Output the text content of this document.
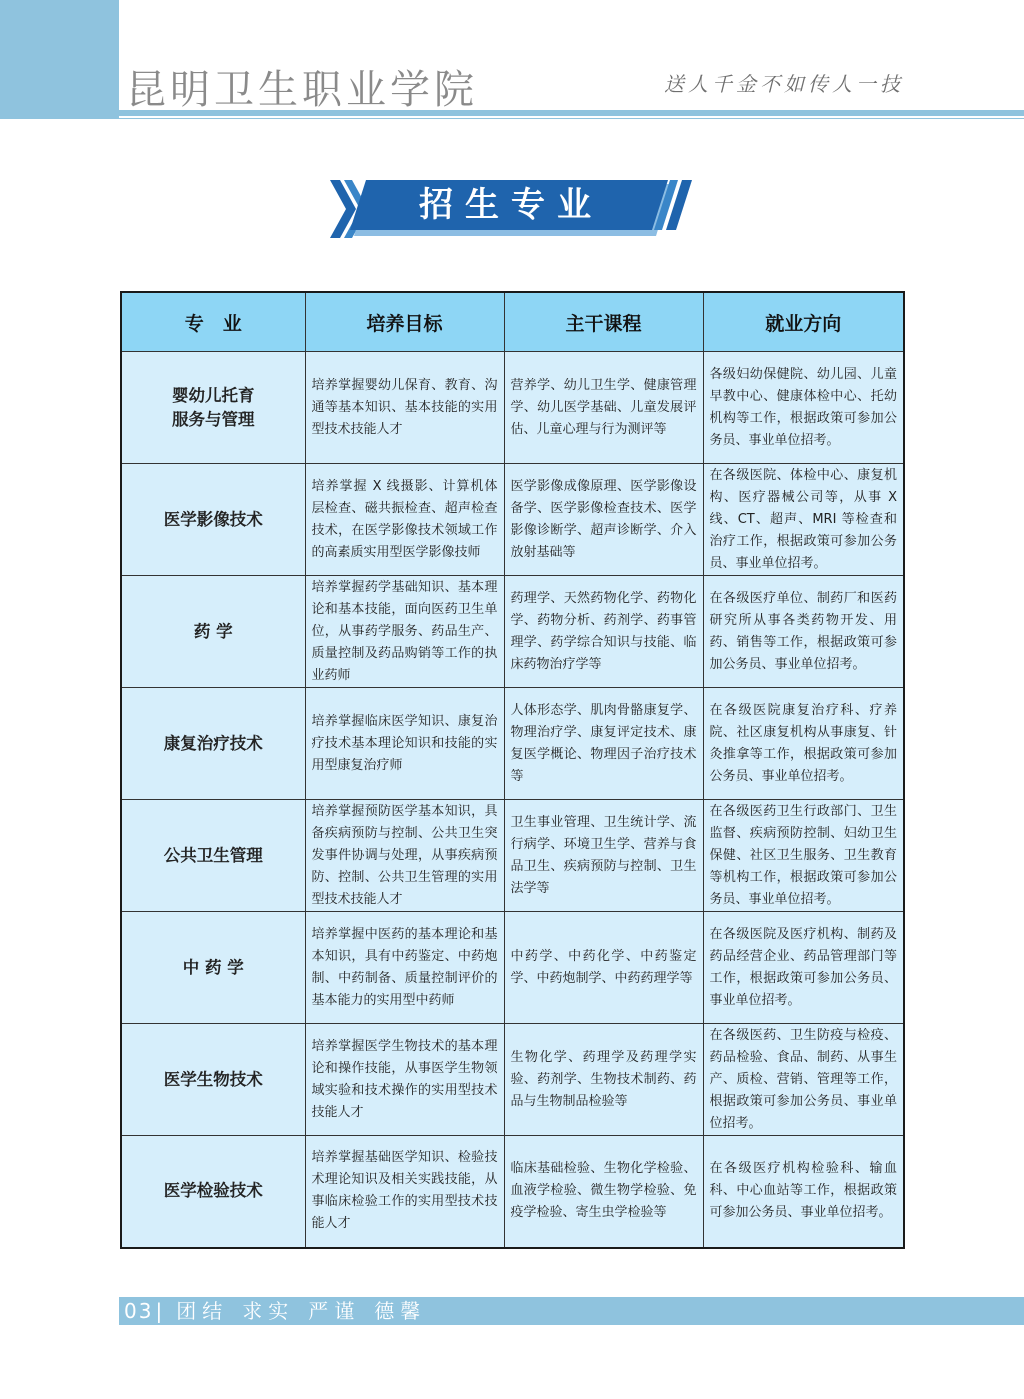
昆明卫生职业学院	送人千金不如传人一技
招生专业
专　业	培养目标	主干课程	就业方向
婴幼儿托育
服务与管理	培养掌握婴幼儿保育、教育、沟通等基本知识、基本技能的实用型技术技能人才	营养学、幼儿卫生学、健康管理学、幼儿医学基础、儿童发展评估、儿童心理与行为测评等	各级妇幼保健院、幼儿园、儿童早教中心、健康体检中心、托幼机构等工作，根据政策可参加公务员、事业单位招考。
医学影像技术	培养掌握 X 线摄影、计算机体层检查、磁共振检查、超声检查技术，在医学影像技术领域工作的高素质实用型医学影像技师	医学影像成像原理、医学影像设备学、医学影像检查技术、医学影像诊断学、超声诊断学、介入放射基础等	在各级医院、体检中心、康复机构、医疗器械公司等，从事 X 线、CT、超声、MRI 等检查和治疗工作，根据政策可参加公务员、事业单位招考。
药 学	培养掌握药学基础知识、基本理论和基本技能，面向医药卫生单位，从事药学服务、药品生产、质量控制及药品购销等工作的执业药师	药理学、天然药物化学、药物化学、药物分析、药剂学、药事管理学、药学综合知识与技能、临床药物治疗学等	在各级医疗单位、制药厂和医药研究所从事各类药物开发、用药、销售等工作，根据政策可参加公务员、事业单位招考。
康复治疗技术	培养掌握临床医学知识、康复治疗技术基本理论知识和技能的实用型康复治疗师	人体形态学、肌肉骨骼康复学、物理治疗学、康复评定技术、康复医学概论、物理因子治疗技术等	在各级医院康复治疗科、疗养院、社区康复机构从事康复、针灸推拿等工作，根据政策可参加公务员、事业单位招考。
公共卫生管理	培养掌握预防医学基本知识，具备疾病预防与控制、公共卫生突发事件协调与处理，从事疾病预防、控制、公共卫生管理的实用型技术技能人才	卫生事业管理、卫生统计学、流行病学、环境卫生学、营养与食品卫生、疾病预防与控制、卫生法学等	在各级医药卫生行政部门、卫生监督、疾病预防控制、妇幼卫生保健、社区卫生服务、卫生教育等机构工作，根据政策可参加公务员、事业单位招考。
中 药 学	培养掌握中医药的基本理论和基本知识，具有中药鉴定、中药炮制、中药制备、质量控制评价的基本能力的实用型中药师	中药学、中药化学、中药鉴定学、中药炮制学、中药药理学等	在各级医院及医疗机构、制药及药品经营企业、药品管理部门等工作，根据政策可参加公务员、事业单位招考。
医学生物技术	培养掌握医学生物技术的基本理论和操作技能，从事医学生物领域实验和技术操作的实用型技术技能人才	生物化学、药理学及药理学实验、药剂学、生物技术制药、药品与生物制品检验等	在各级医药、卫生防疫与检疫、药品检验、食品、制药、从事生产、质检、营销、管理等工作，根据政策可参加公务员、事业单位招考。
医学检验技术	培养掌握基础医学知识、检验技术理论知识及相关实践技能，从事临床检验工作的实用型技术技能人才	临床基础检验、生物化学检验、血液学检验、微生物学检验、免疫学检验、寄生虫学检验等	在各级医疗机构检验科、输血科、中心血站等工作，根据政策可参加公务员、事业单位招考。
03 | 团结 求实 严谨 德馨
